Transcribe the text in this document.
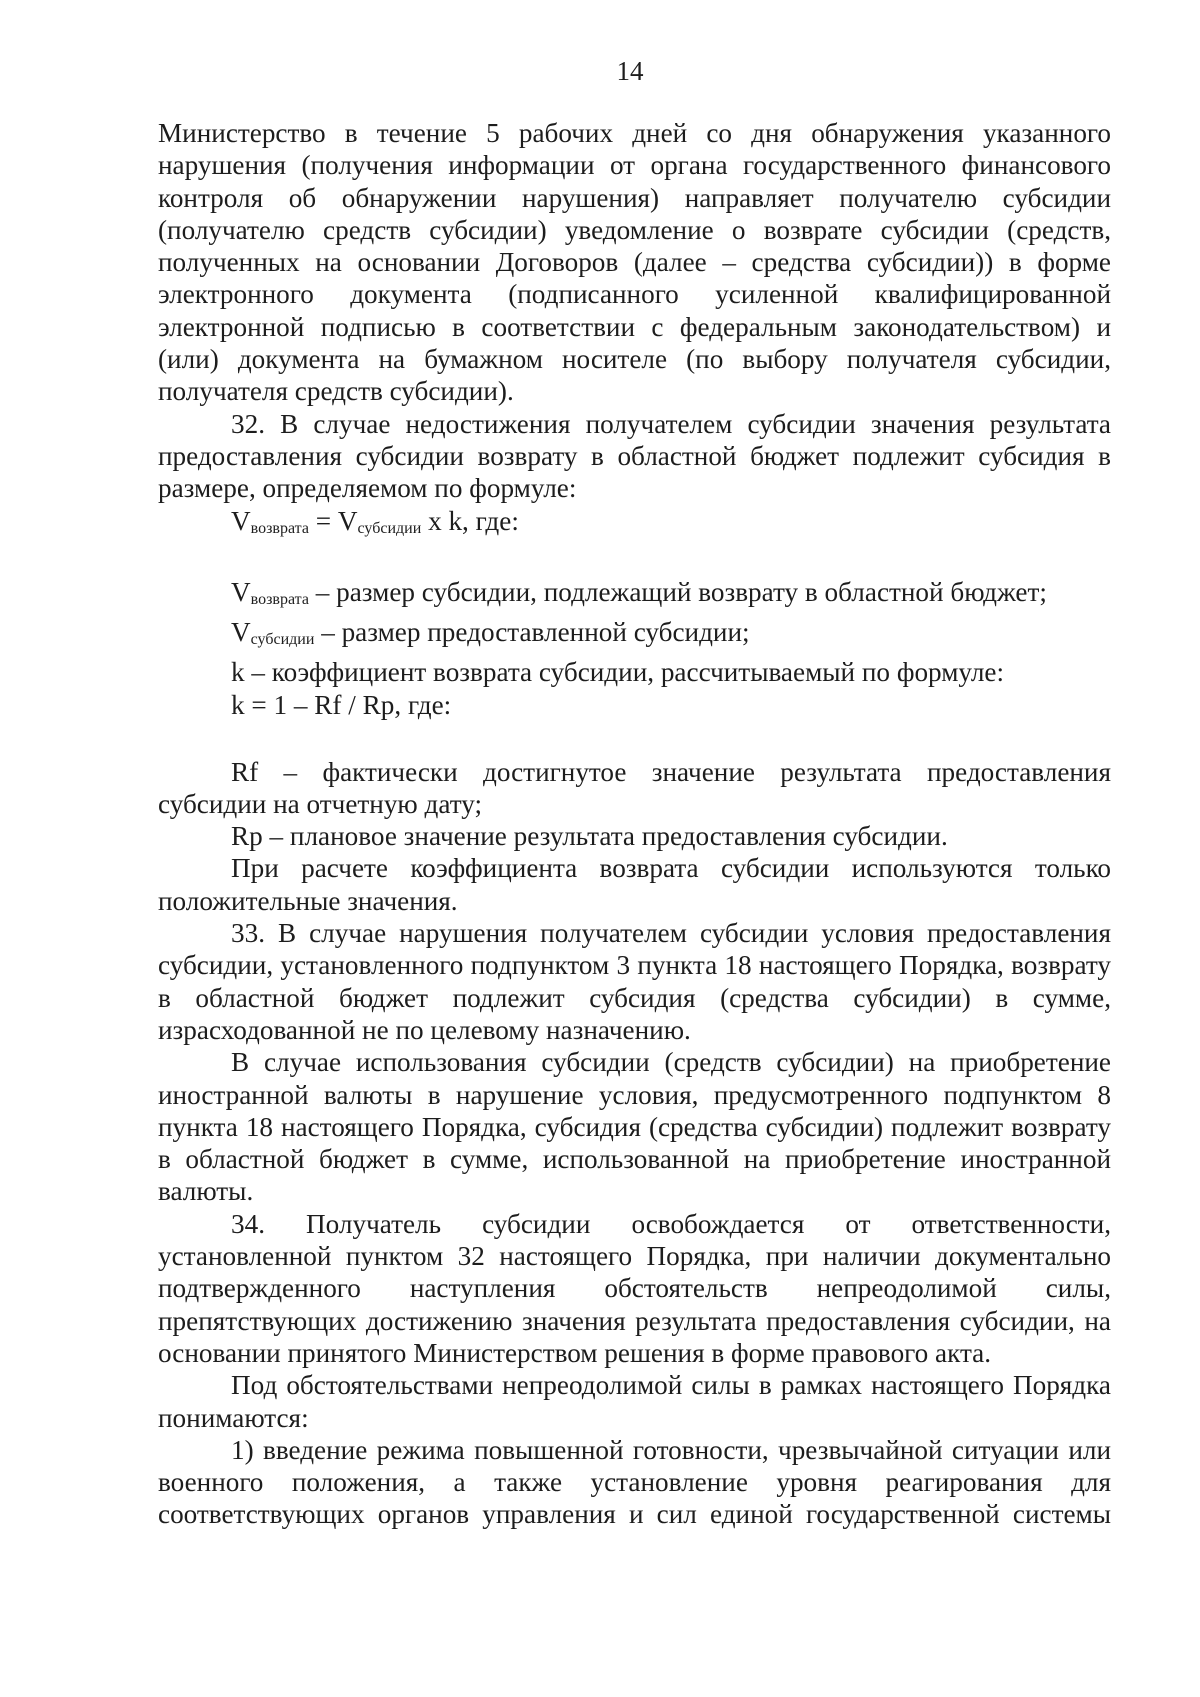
14

Министерство в течение 5 рабочих дней со дня обнаружения указанного нарушения (получения информации от органа государственного финансового контроля об обнаружении нарушения) направляет получателю субсидии (получателю средств субсидии) уведомление о возврате субсидии (средств, полученных на основании Договоров (далее – средства субсидии)) в форме электронного документа (подписанного усиленной квалифицированной электронной подписью в соответствии с федеральным законодательством) и (или) документа на бумажном носителе (по выбору получателя субсидии, получателя средств субсидии).

32. В случае недостижения получателем субсидии значения результата предоставления субсидии возврату в областной бюджет подлежит субсидия в размере, определяемом по формуле:

$V_{возврата} = V_{субсидии}$ x k, где:

$V_{возврата}$ – размер субсидии, подлежащий возврату в областной бюджет;

$V_{субсидии}$ – размер предоставленной субсидии;

k – коэффициент возврата субсидии, рассчитываемый по формуле:

k = 1 – Rf / Rp, где:

Rf – фактически достигнутое значение результата предоставления субсидии на отчетную дату;

Rp – плановое значение результата предоставления субсидии.

При расчете коэффициента возврата субсидии используются только положительные значения.

33. В случае нарушения получателем субсидии условия предоставления субсидии, установленного подпунктом 3 пункта 18 настоящего Порядка, возврату в областной бюджет подлежит субсидия (средства субсидии) в сумме, израсходованной не по целевому назначению.

В случае использования субсидии (средств субсидии) на приобретение иностранной валюты в нарушение условия, предусмотренного подпунктом 8 пункта 18 настоящего Порядка, субсидия (средства субсидии) подлежит возврату в областной бюджет в сумме, использованной на приобретение иностранной валюты.

34. Получатель субсидии освобождается от ответственности, установленной пунктом 32 настоящего Порядка, при наличии документально подтвержденного наступления обстоятельств непреодолимой силы, препятствующих достижению значения результата предоставления субсидии, на основании принятого Министерством решения в форме правового акта.

Под обстоятельствами непреодолимой силы в рамках настоящего Порядка понимаются:

1) введение режима повышенной готовности, чрезвычайной ситуации или военного положения, а также установление уровня реагирования для соответствующих органов управления и сил единой государственной системы
